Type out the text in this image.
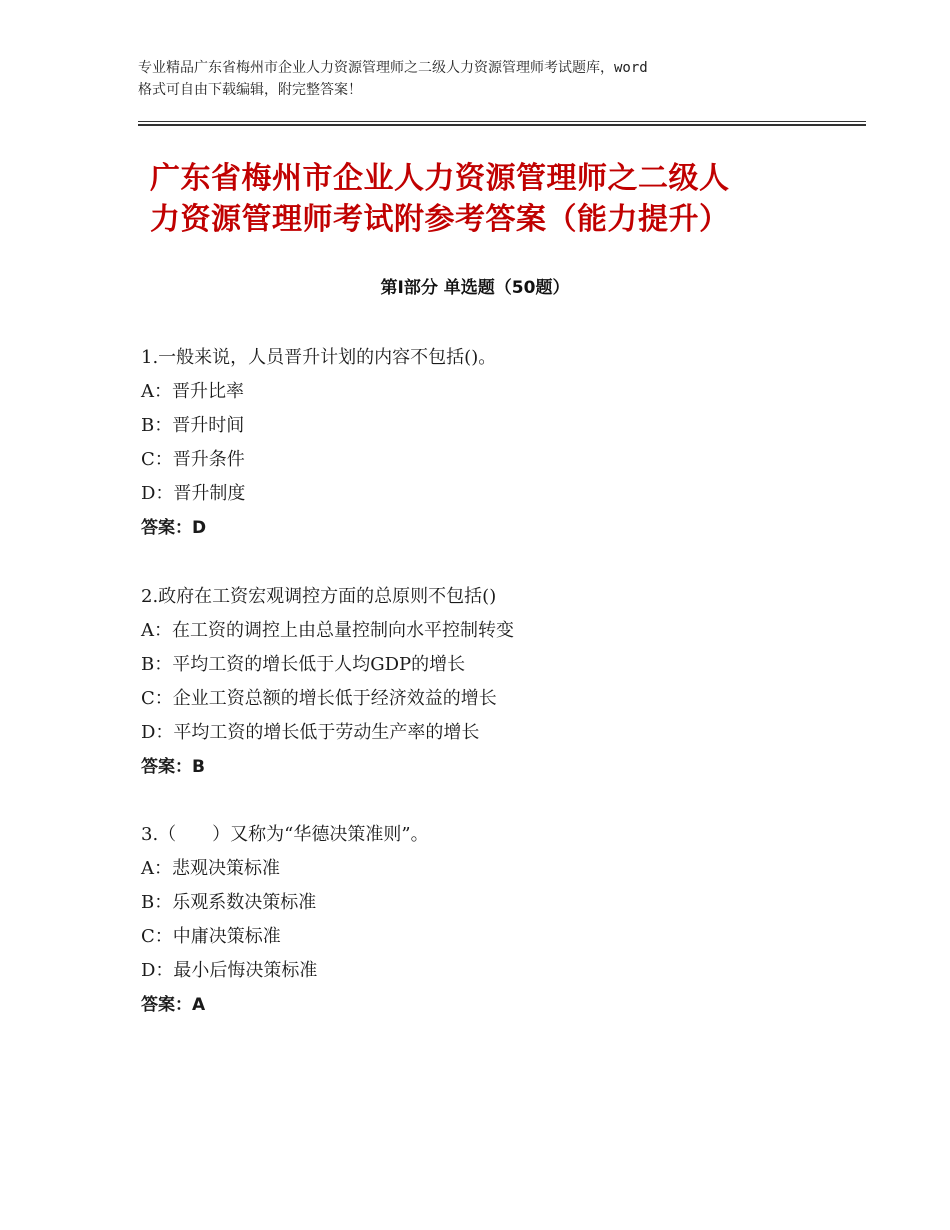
专业精品广东省梅州市企业人力资源管理师之二级人力资源管理师考试题库，word
格式可自由下载编辑，附完整答案！
广东省梅州市企业人力资源管理师之二级人
力资源管理师考试附参考答案（能力提升）
第Ⅰ部分 单选题（50题）
1.一般来说，人员晋升计划的内容不包括()。
A：晋升比率
B：晋升时间
C：晋升条件
D：晋升制度
答案：D
2.政府在工资宏观调控方面的总原则不包括()
A：在工资的调控上由总量控制向水平控制转变
B：平均工资的增长低于人均GDP的增长
C：企业工资总额的增长低于经济效益的增长
D：平均工资的增长低于劳动生产率的增长
答案：B
3.（　　）又称为“华德决策准则”。
A：悲观决策标准
B：乐观系数决策标准
C：中庸决策标准
D：最小后悔决策标准
答案：A
